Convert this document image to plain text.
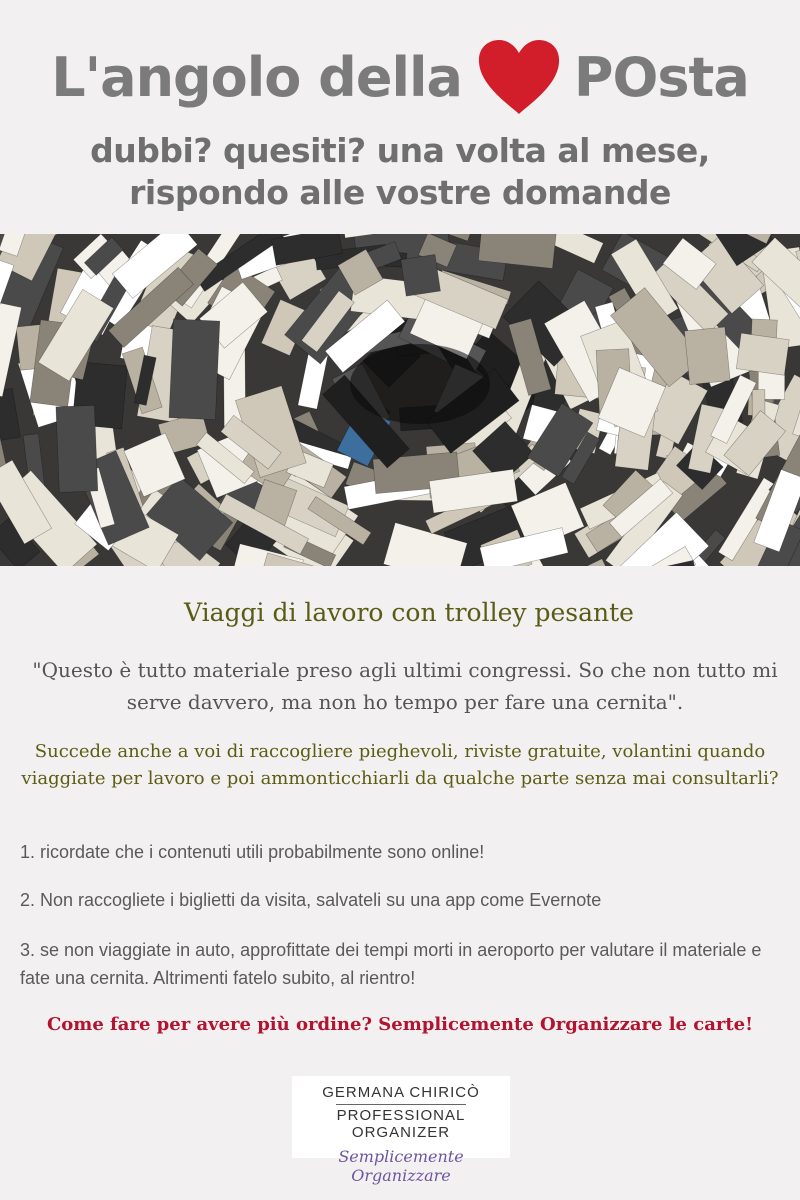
L'angolo della POsta
dubbi? quesiti? una volta al mese,
rispondo alle vostre domande
Viaggi di lavoro con trolley pesante
"Questo è tutto materiale preso agli ultimi congressi. So che non tutto mi serve davvero, ma non ho tempo per fare una cernita".
Succede anche a voi di raccogliere pieghevoli, riviste gratuite, volantini quando viaggiate per lavoro e poi ammonticchiarli da qualche parte senza mai consultarli?
1. ricordate che i contenuti utili probabilmente sono online!
2. Non raccogliete i biglietti da visita, salvateli su una app come Evernote
3. se non viaggiate in auto, approfittate dei tempi morti in aeroporto per valutare il materiale e fate una cernita. Altrimenti fatelo subito, al rientro!
Come fare per avere più ordine? Semplicemente Organizzare le carte!
GERMANA CHIRICÒ
PROFESSIONAL ORGANIZER
Semplicemente Organizzare
